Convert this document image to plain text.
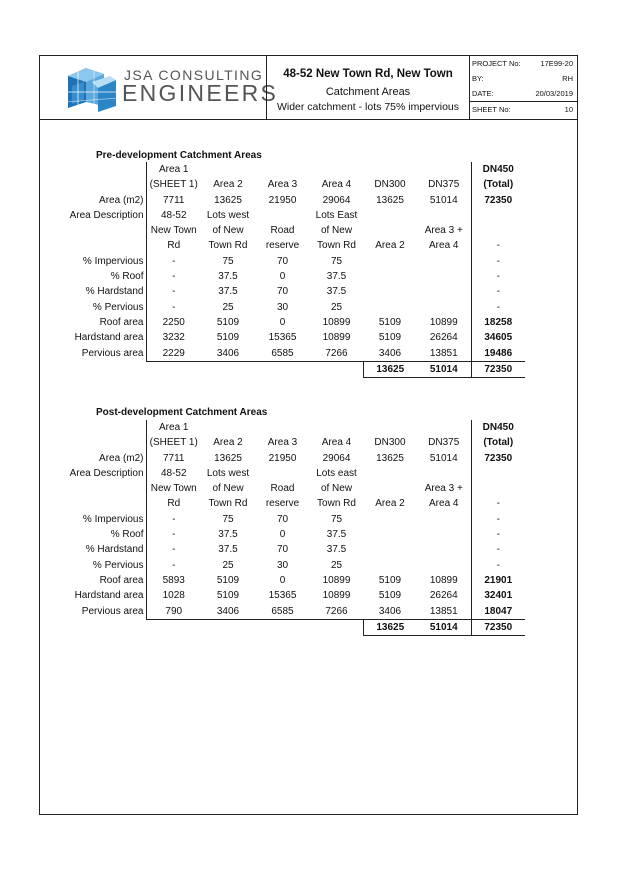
JSA CONSULTING
ENGINEERS
48-52 New Town Rd, New Town
Catchment Areas
Wider catchment - lots 75% impervious
PROJECT No:	17E99-20
BY:	RH
DATE:	20/03/2019
SHEET No:	10
Pre-development Catchment Areas
	Area 1						DN450
	(SHEET 1)	Area 2	Area 3	Area 4	DN300	DN375	(Total)
Area (m2)	7711	13625	21950	29064	13625	51014	72350
Area Description	48-52	Lots west		Lots East			
	New Town	of New	Road	of New		Area 3 +	
	Rd	Town Rd	reserve	Town Rd	Area 2	Area 4	-
% Impervious	-	75	70	75			-
% Roof	-	37.5	0	37.5			-
% Hardstand	-	37.5	70	37.5			-
% Pervious	-	25	30	25			-
Roof area	2250	5109	0	10899	5109	10899	18258
Hardstand area	3232	5109	15365	10899	5109	26264	34605
Pervious area	2229	3406	6585	7266	3406	13851	19486
					13625	51014	72350
Post-development Catchment Areas
	Area 1						DN450
	(SHEET 1)	Area 2	Area 3	Area 4	DN300	DN375	(Total)
Area (m2)	7711	13625	21950	29064	13625	51014	72350
Area Description	48-52	Lots west		Lots east			
	New Town	of New	Road	of New		Area 3 +	
	Rd	Town Rd	reserve	Town Rd	Area 2	Area 4	-
% Impervious	-	75	70	75			-
% Roof	-	37.5	0	37.5			-
% Hardstand	-	37.5	70	37.5			-
% Pervious	-	25	30	25			-
Roof area	5893	5109	0	10899	5109	10899	21901
Hardstand area	1028	5109	15365	10899	5109	26264	32401
Pervious area	790	3406	6585	7266	3406	13851	18047
					13625	51014	72350
